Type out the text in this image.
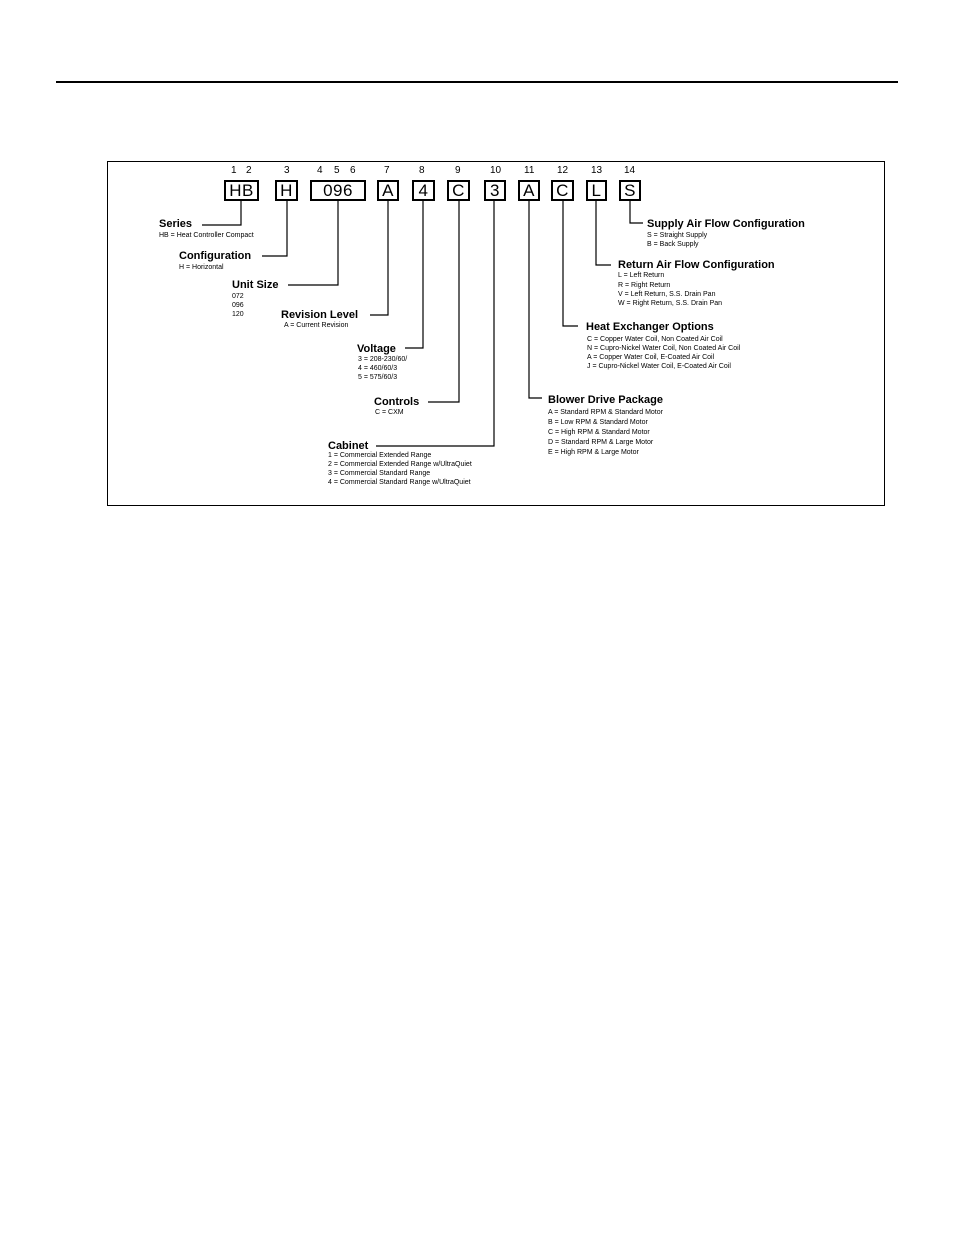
1 2	3	4 5 6	7	8	9	10 11 12 13 14
HB	H	096	A	4	C	3	A	C	L	S
Series
HB = Heat Controller Compact
Configuration
H = Horizontal
Unit Size
072
096
120	Revision Level
A = Current Revision
Voltage
3 = 208-230/60/
4 = 460/60/3
5 = 575/60/3
Controls
C = CXM
Cabinet
1 = Commercial Extended Range
2 = Commercial Extended Range w/UltraQuiet
3 = Commercial Standard Range
4 = Commercial Standard Range w/UltraQuiet
Blower Drive Package
A = Standard RPM & Standard Motor
B = Low RPM & Standard Motor
C = High RPM & Standard Motor
D = Standard RPM & Large Motor
E = High RPM & Large Motor
Heat Exchanger Options
C = Copper Water Coil, Non Coated Air Coil
N = Cupro-Nickel Water Coil, Non Coated Air Coil
A = Copper Water Coil, E-Coated Air Coil
J = Cupro-Nickel Water Coil, E-Coated Air Coil
Return Air Flow Configuration
L = Left Return
R = Right Return
V = Left Return, S.S. Drain Pan
W = Right Return, S.S. Drain Pan
Supply Air Flow Configuration
S = Straight Supply
B = Back Supply
